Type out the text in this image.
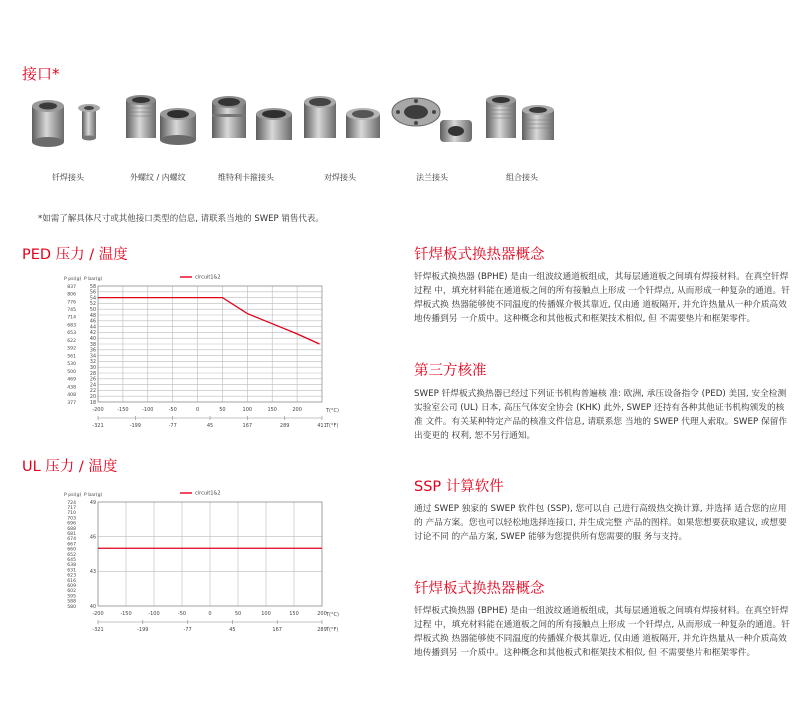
接口*
钎焊接头	外螺纹 / 内螺纹	维特利卡箍接头	对焊接头	法兰接头	组合接头
*如需了解具体尺寸或其他接口类型的信息, 请联系当地的 SWEP 销售代表。
PED 压力 / 温度
-200	-150	-100	-50	0	50	100	150	200
18
20
22
24
26
28
30
32
34
36
38
40
42
44
46
48
50
52
54
56
58
377
408
438
469
500
530
561
592
622
653
683
714
745
776
806
837
-321	-199	-77	45	167	289	411
P psi(g) P bar(g)
T(°C)
T(°F)
circuit1&2
UL 压力 / 温度
-200	-150	-100	-50	0	50	100	150	200
40
43
46
49
580
588
595
602
609
616
623
631
638
645
652
660
667
674
681
688
696
703
710
717
724
-321	-199	-77	45	167	289
P psi(g) P bar(g)
T(°C)
T(°F)
circuit1&2
钎焊板式换热器概念
钎焊板式换热器 (BPHE) 是由一组波纹通道板组成，其每层通道板之间填有焊接材料。在真空钎焊过程 中，填充材料能在通道板之间的所有接触点上形成 一个钎焊点, 从而形成一种复杂的通道。钎焊板式换 热器能够使不同温度的传播媒介极其靠近, 仅由通 道板隔开, 并允许热量从一种介质高效地传播到另 一介质中。这种概念和其他板式和框架技术相似, 但 不需要垫片和框架零件。
第三方核准
SWEP 钎焊板式换热器已经过下列证书机构普遍核 准: 欧洲, 承压设备指令 (PED) 美国, 安全检测实验室公司 (UL) 日本, 高压气体安全协会 (KHK) 此外, SWEP 还持有各种其他证书机构颁发的核准 文件。有关某种特定产品的核准文件信息, 请联系您 当地的 SWEP 代理人索取。SWEP 保留作出变更的 权利, 恕不另行通知。
SSP 计算软件
通过 SWEP 独家的 SWEP 软件包 (SSP), 您可以自 己进行高级热交换计算, 并选择 适合您的应用的 产品方案。您也可以轻松地选择连接口, 并生成完整 产品的图样。如果您想要获取建议, 或想要讨论不同 的产品方案, SWEP 能够为您提供所有您需要的服 务与支持。
钎焊板式换热器概念
钎焊板式换热器 (BPHE) 是由一组波纹通道板组成，其每层通道板之间填有焊接材料。在真空钎焊过程 中，填充材料能在通道板之间的所有接触点上形成 一个钎焊点, 从而形成一种复杂的通道。钎焊板式换 热器能够使不同温度的传播媒介极其靠近, 仅由通 道板隔开, 并允许热量从一种介质高效地传播到另 一介质中。这种概念和其他板式和框架技术相似, 但 不需要垫片和框架零件。
